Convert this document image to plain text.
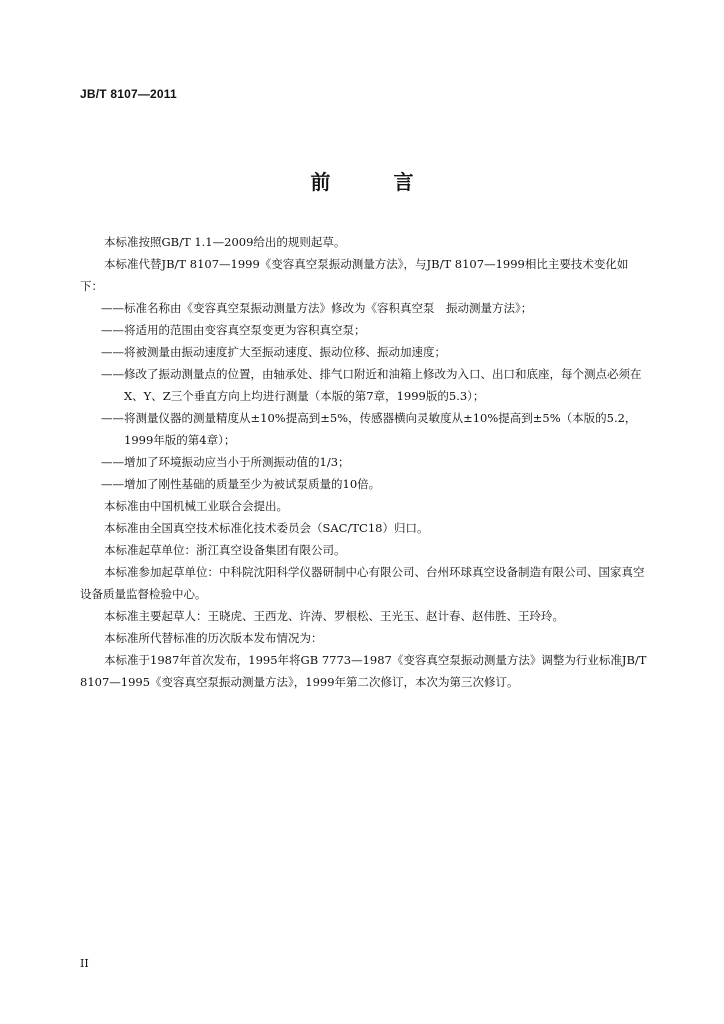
JB/T 8107—2011
前 言

本标准按照GB/T 1.1—2009给出的规则起草。

本标准代替JB/T 8107—1999《变容真空泵振动测量方法》，与JB/T 8107—1999相比主要技术变化如下：

——标准名称由《变容真空泵振动测量方法》修改为《容积真空泵　振动测量方法》；

——将适用的范围由变容真空泵变更为容积真空泵；

——将被测量由振动速度扩大至振动速度、振动位移、振动加速度；

——修改了振动测量点的位置，由轴承处、排气口附近和油箱上修改为入口、出口和底座，每个测点必须在X、Y、Z三个垂直方向上均进行测量（本版的第7章，1999版的5.3）；

——将测量仪器的测量精度从±10%提高到±5%，传感器横向灵敏度从±10%提高到±5%（本版的5.2，1999年版的第4章）；

——增加了环境振动应当小于所测振动值的1/3；

——增加了刚性基础的质量至少为被试泵质量的10倍。

本标准由中国机械工业联合会提出。

本标准由全国真空技术标准化技术委员会（SAC/TC18）归口。

本标准起草单位：浙江真空设备集团有限公司。

本标准参加起草单位：中科院沈阳科学仪器研制中心有限公司、台州环球真空设备制造有限公司、国家真空设备质量监督检验中心。

本标准主要起草人：王晓虎、王西龙、许涛、罗根松、王光玉、赵计春、赵伟胜、王玲玲。

本标准所代替标准的历次版本发布情况为：

本标准于1987年首次发布，1995年将GB 7773—1987《变容真空泵振动测量方法》调整为行业标准JB/T 8107—1995《变容真空泵振动测量方法》，1999年第二次修订，本次为第三次修订。

II
